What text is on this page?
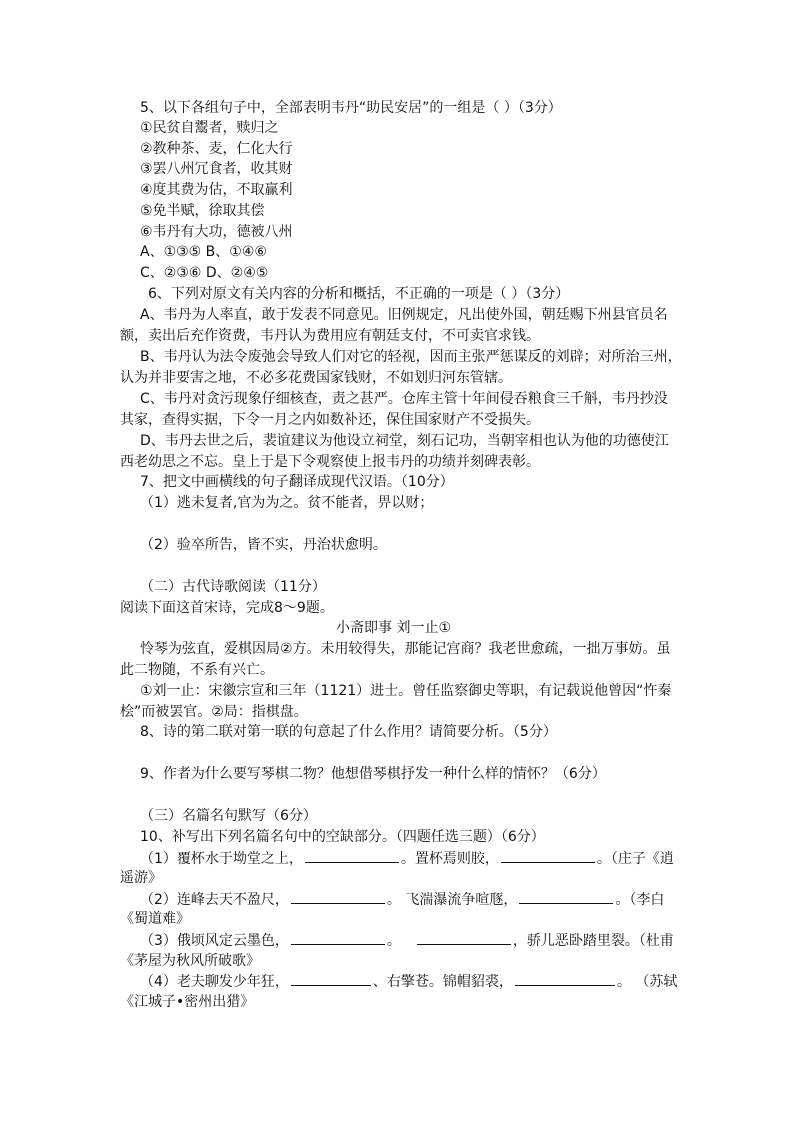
5、以下各组句子中，全部表明韦丹“助民安居”的一组是（ ）（3分）
①民贫自鬻者，赎归之
②教种茶、麦，仁化大行
③罢八州冗食者，收其财
④度其费为估，不取赢利
⑤免半赋，徐取其偿
⑥韦丹有大功，德被八州
A、①③⑤ B、①④⑥
C、②③⑥ D、②④⑤
6、下列对原文有关内容的分析和概括，不正确的一项是（ ）（3分）
A、韦丹为人率直，敢于发表不同意见。旧例规定，凡出使外国，朝廷赐下州县官员名
额，卖出后充作资费，韦丹认为费用应有朝廷支付，不可卖官求钱。
B、韦丹认为法令废弛会导致人们对它的轻视，因而主张严惩谋反的刘辟；对所治三州，
认为并非要害之地，不必多花费国家钱财，不如划归河东管辖。
C、韦丹对贪污现象仔细核查，责之甚严。仓库主管十年间侵吞粮食三千斛，韦丹抄没
其家，查得实据，下令一月之内如数补还，保住国家财产不受损失。
D、韦丹去世之后，裴谊建议为他设立祠堂，刻石记功，当朝宰相也认为他的功德使江
西老幼思之不忘。皇上于是下令观察使上报韦丹的功绩并刻碑表彰。
7、把文中画横线的句子翻译成现代汉语。（10分）
（1）逃未复者,官为为之。贫不能者，畀以财；
（2）验卒所告，皆不实，丹治状愈明。
（二）古代诗歌阅读（11分）
阅读下面这首宋诗，完成8～9题。
小斋即事 刘一止①
怜琴为弦直，爱棋因局②方。未用较得失，那能记宫商？我老世愈疏，一拙万事妨。虽
此二物随，不系有兴亡。
①刘一止：宋徽宗宣和三年（1121）进士。曾任监察御史等职，有记载说他曾因“忤秦
桧”而被罢官。②局：指棋盘。
8、诗的第二联对第一联的句意起了什么作用？请简要分析。（5分）
9、作者为什么要写琴棋二物？他想借琴棋抒发一种什么样的情怀？（6分）
（三）名篇名句默写（6分）
10、补写出下列名篇名句中的空缺部分。（四题任选三题）（6分）
（1）覆杯水于坳堂之上，	。置杯焉则胶，	。（庄子《逍
遥游》
（2）连峰去天不盈尺，	。 飞湍瀑流争喧豗，	。（李白
《蜀道难》
（3）俄顷风定云墨色，	。	，骄儿恶卧踏里裂。（杜甫
《茅屋为秋风所破歌》
（4）老夫聊发少年狂，	、右擎苍。锦帽貂裘，	。 （苏轼
《江城子•密州出猎》
